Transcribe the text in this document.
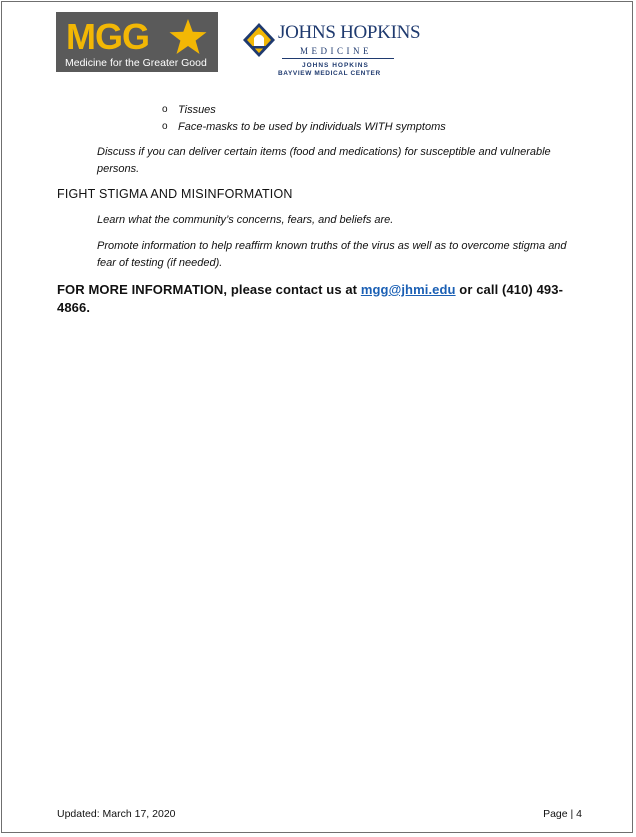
MGG
Medicine for the Greater Good
JOHNS HOPKINS
MEDICINE
JOHNS HOPKINS
BAYVIEW MEDICAL CENTER
o Tissues
o Face-masks to be used by individuals WITH symptoms

Discuss if you can deliver certain items (food and medications) for susceptible and vulnerable persons.

FIGHT STIGMA AND MISINFORMATION

Learn what the community’s concerns, fears, and beliefs are.

Promote information to help reaffirm known truths of the virus as well as to overcome stigma and fear of testing (if needed).

FOR MORE INFORMATION, please contact us at mgg@jhmi.edu or call (410) 493-4866.

Updated: March 17, 2020	Page | 4
